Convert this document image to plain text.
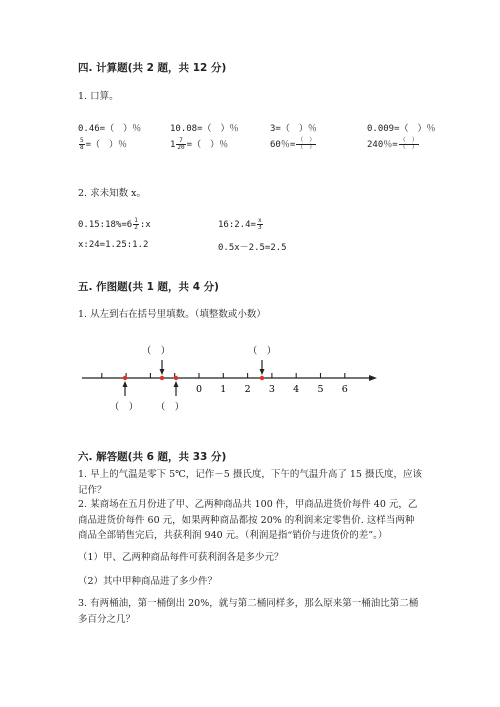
四. 计算题(共 2 题，共 12 分)
1. 口算。
0.46=（　）％	10.08=（　）％	3=（　）％	0.009=（　）％
$\frac{5}{8}$ =（　）％	$1 \frac{7}{20}$ =（　）％	60％= $\frac{( )}{( )}$	240％= $\frac{( )}{( )}$
2. 求未知数 x。
0.15:18%=6 $\frac{1}{2}$ :x	16:2.4= $\frac{x}{3}$
x:24=1.25:1.2	0.5x－2.5=2.5
五. 作图题(共 1 题，共 4 分)
1. 从左到右在括号里填数。（填整数或小数）
0 1 2 3 4 5 6
（　）	（　）
（　） （　）
六. 解答题(共 6 题，共 33 分)
1. 早上的气温是零下 5℃，记作－5 摄氏度，下午的气温升高了 15 摄氏度，应该记作？
2. 某商场在五月份进了甲、乙两种商品共 100 件，甲商品进货价每件 40 元，乙商品进货价每件 60 元，如果两种商品都按 20% 的利润来定零售价. 这样当两种商品全部销售完后，共获利润 940 元。（利润是指“销价与进货价的差”。）
（1）甲、乙两种商品每件可获利润各是多少元？
（2）其中甲种商品进了多少件？
3. 有两桶油，第一桶倒出 20%，就与第二桶同样多，那么原来第一桶油比第二桶多百分之几？
